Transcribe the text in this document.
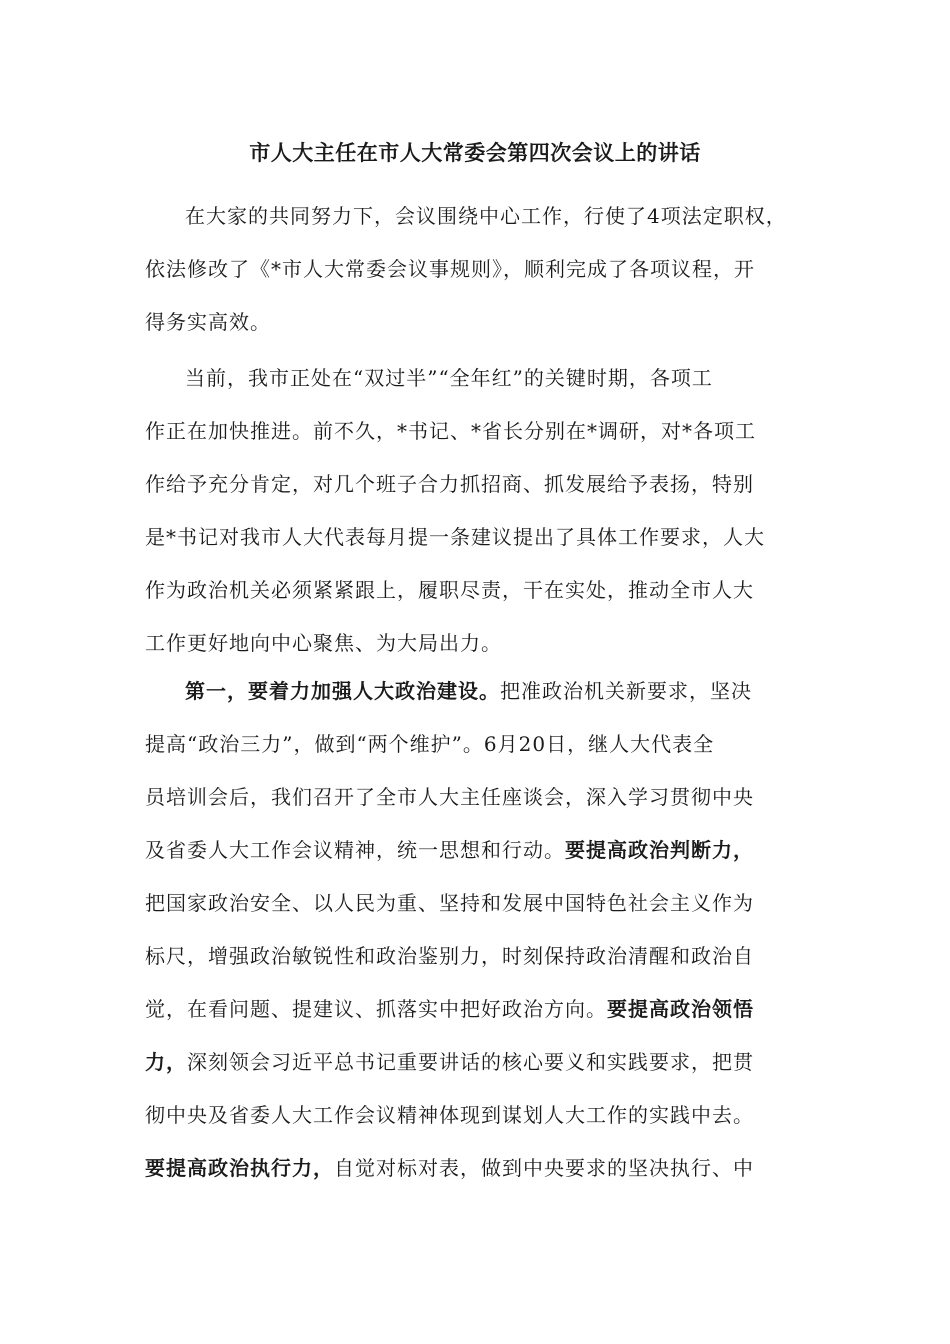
市人大主任在市人大常委会第四次会议上的讲话
在大家的共同努力下，会议围绕中心工作，行使了4项法定职权，
依法修改了《*市人大常委会议事规则》，顺利完成了各项议程，开
得务实高效。
当前，我市正处在“双过半”“全年红”的关键时期，各项工
作正在加快推进。前不久，*书记、*省长分别在*调研，对*各项工
作给予充分肯定，对几个班子合力抓招商、抓发展给予表扬，特别
是*书记对我市人大代表每月提一条建议提出了具体工作要求，人大
作为政治机关必须紧紧跟上，履职尽责，干在实处，推动全市人大
工作更好地向中心聚焦、为大局出力。
第一，要着力加强人大政治建设。把准政治机关新要求，坚决
提高“政治三力”，做到“两个维护”。6月20日，继人大代表全
员培训会后，我们召开了全市人大主任座谈会，深入学习贯彻中央
及省委人大工作会议精神，统一思想和行动。要提高政治判断力，
把国家政治安全、以人民为重、坚持和发展中国特色社会主义作为
标尺，增强政治敏锐性和政治鉴别力，时刻保持政治清醒和政治自
觉，在看问题、提建议、抓落实中把好政治方向。要提高政治领悟
力，深刻领会习近平总书记重要讲话的核心要义和实践要求，把贯
彻中央及省委人大工作会议精神体现到谋划人大工作的实践中去。
要提高政治执行力，自觉对标对表，做到中央要求的坚决执行、中
